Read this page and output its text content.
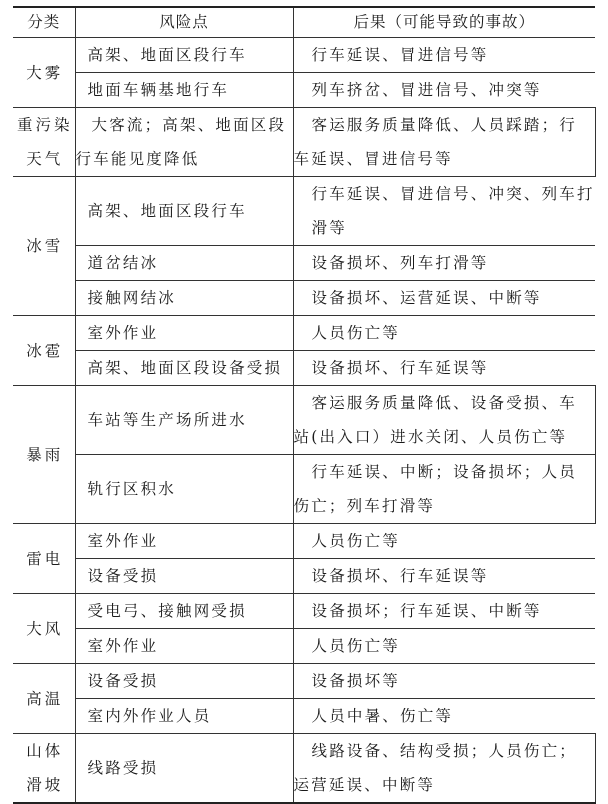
分类	风险点	后果（可能导致的事故）
大雾	高架、地面区段行车	行车延误、冒进信号等
	地面车辆基地行车	列车挤岔、冒进信号、冲突等
重污染
天气	大客流；高架、地面区段行车能见度降低	客运服务质量降低、人员踩踏；行车延误、冒进信号等
冰雪	高架、地面区段行车	行车延误、冒进信号、冲突、列车打滑等
	道岔结冰	设备损坏、列车打滑等
	接触网结冰	设备损坏、运营延误、中断等
冰雹	室外作业	人员伤亡等
	高架、地面区段设备受损	设备损坏、行车延误等
暴雨	车站等生产场所进水	客运服务质量降低、设备受损、车站(出入口）进水关闭、人员伤亡等
	轨行区积水	行车延误、中断；设备损坏；人员伤亡；列车打滑等
雷电	室外作业	人员伤亡等
	设备受损	设备损坏、行车延误等
大风	受电弓、接触网受损	设备损坏；行车延误、中断等
	室外作业	人员伤亡等
高温	设备受损	设备损坏等
	室内外作业人员	人员中暑、伤亡等
山体
滑坡	线路受损	线路设备、结构受损；人员伤亡；运营延误、中断等
